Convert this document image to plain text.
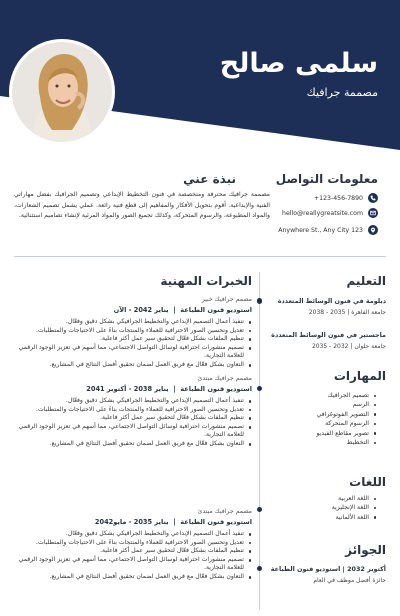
سلمى صالح
مصممة جرافيك
معلومات التواصل
123-456-7890+
hello@reallygreatsite.com
Anywhere St., Any City 123
نبذة عني
مصممة جرافيك محترفة ومتخصصة في فنون التخطيط الإبداعي وتصميم الجرافيك بفضل مهاراتي الفنية والإبداعية. أقوم بتحويل الأفكار والمفاهيم إلى قطع فنية رائعة. عملي يشمل تصميم الشعارات، والمواد المطبوعة، والرسوم المتحركة، وكذلك تجميع الصور والمواد المرئية لإنشاء تصاميم استثنائية.
التعليم
دبلومة في فنون الوسائط المتعددة
جامعة القاهرة | 2035 - 2038
ماجستير في فنون الوسائط المتعددة
جامعة حلوان | 2032 - 2035
المهارات
تصميم الجرافيك
الرسم
التصوير الفوتوغرافي
الرسوم المتحركة
تصوير مقاطع الفيديو
التخطيط
اللغات
اللغة العربية
اللغة الإنجليزية
اللغة الألمانية
الجوائز
أكتوبر 2032 | استوديو فنون الطباعة
جائزة أفضل موظف في العام
الخبرات المهنية
مصمم جرافيك خبير
استوديو فنون الطباعة  |  يناير 2042 - الآن
تنفيذ أعمال التصميم الإبداعي والتخطيط الجرافيكي بشكل دقيق وفعّال.
تعديل وتحسين الصور الاحترافية للعملاء والمنتجات بناءً على الاحتياجات والمتطلبات.
تنظيم الملفات بشكل فعّال لتحقيق سير عمل أكثر فاعلية.
تصميم منشورات احترافية لوسائل التواصل الاجتماعي، مما أسهم في تعزيز الوجود الرقمي للعلامة التجارية.
التعاون بشكل فعّال مع فريق العمل لضمان تحقيق أفضل النتائج في المشاريع.
مصمم جرافيك مبتدئ
استوديو فنون الطباعة  |  يناير 2038 - أكتوبر 2041
تنفيذ أعمال التصميم الإبداعي والتخطيط الجرافيكي بشكل دقيق وفعّال.
تعديل وتحسين الصور الاحترافية للعملاء والمنتجات بناءً على الاحتياجات والمتطلبات.
تنظيم الملفات بشكل فعّال لتحقيق سير عمل أكثر فاعلية.
تصميم منشورات احترافية لوسائل التواصل الاجتماعي، مما أسهم في تعزيز الوجود الرقمي للعلامة التجارية.
التعاون بشكل فعّال مع فريق العمل لضمان تحقيق أفضل النتائج في المشاريع.
مصمم جرافيك مبتدئ
استوديو فنون الطباعة  |  يناير 2035 - مايو2042
تنفيذ أعمال التصميم الإبداعي والتخطيط الجرافيكي بشكل دقيق وفعّال.
تعديل وتحسين الصور الاحترافية للعملاء والمنتجات بناءً على الاحتياجات والمتطلبات.
تنظيم الملفات بشكل فعّال لتحقيق سير عمل أكثر فاعلية.
تصميم منشورات احترافية لوسائل التواصل الاجتماعي، مما أسهم في تعزيز الوجود الرقمي للعلامة التجارية.
التعاون بشكل فعّال مع فريق العمل لضمان تحقيق أفضل النتائج في المشاريع.
